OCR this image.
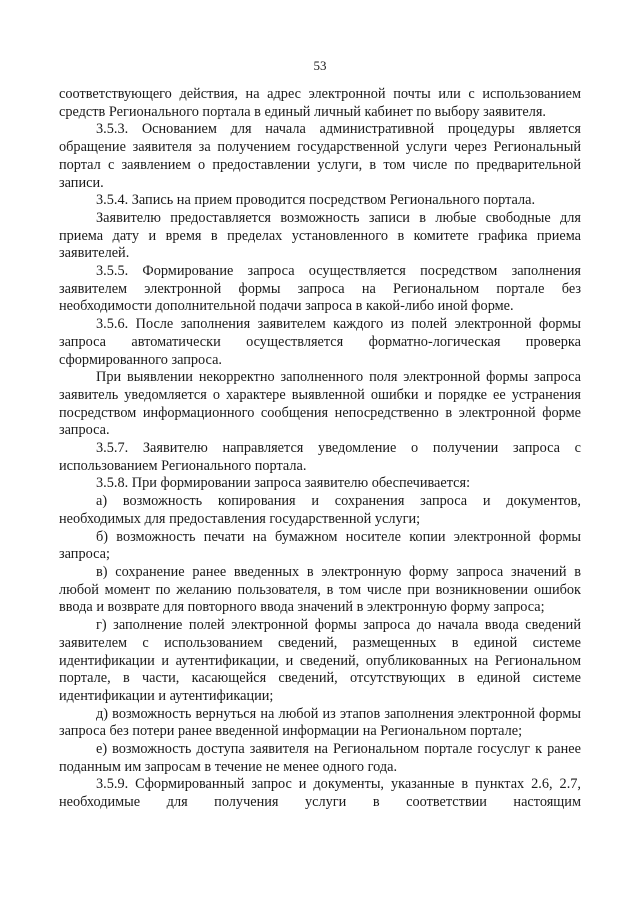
53

соответствующего действия, на адрес электронной почты или с использованием средств Регионального портала в единый личный кабинет по выбору заявителя.

3.5.3. Основанием для начала административной процедуры является обращение заявителя за получением государственной услуги через Региональный портал с заявлением о предоставлении услуги, в том числе по предварительной записи.

3.5.4. Запись на прием проводится посредством Регионального портала.

Заявителю предоставляется возможность записи в любые свободные для приема дату и время в пределах установленного в комитете графика приема заявителей.

3.5.5. Формирование запроса осуществляется посредством заполнения заявителем электронной формы запроса на Региональном портале без необходимости дополнительной подачи запроса в какой-либо иной форме.

3.5.6. После заполнения заявителем каждого из полей электронной формы запроса автоматически осуществляется форматно-логическая проверка сформированного запроса.

При выявлении некорректно заполненного поля электронной формы запроса заявитель уведомляется о характере выявленной ошибки и порядке ее устранения посредством информационного сообщения непосредственно в электронной форме запроса.

3.5.7. Заявителю направляется уведомление о получении запроса с использованием Регионального портала.

3.5.8. При формировании запроса заявителю обеспечивается:

а) возможность копирования и сохранения запроса и документов, необходимых для предоставления государственной услуги;

б) возможность печати на бумажном носителе копии электронной формы запроса;

в) сохранение ранее введенных в электронную форму запроса значений в любой момент по желанию пользователя, в том числе при возникновении ошибок ввода и возврате для повторного ввода значений в электронную форму запроса;

г) заполнение полей электронной формы запроса до начала ввода сведений заявителем с использованием сведений, размещенных в единой системе идентификации и аутентификации, и сведений, опубликованных на Региональном портале, в части, касающейся сведений, отсутствующих в единой системе идентификации и аутентификации;

д) возможность вернуться на любой из этапов заполнения электронной формы запроса без потери ранее введенной информации на Региональном портале;

е) возможность доступа заявителя на Региональном портале госуслуг к ранее поданным им запросам в течение не менее одного года.

3.5.9. Сформированный запрос и документы, указанные в пунктах 2.6, 2.7, необходимые для получения услуги в соответствии настоящим
